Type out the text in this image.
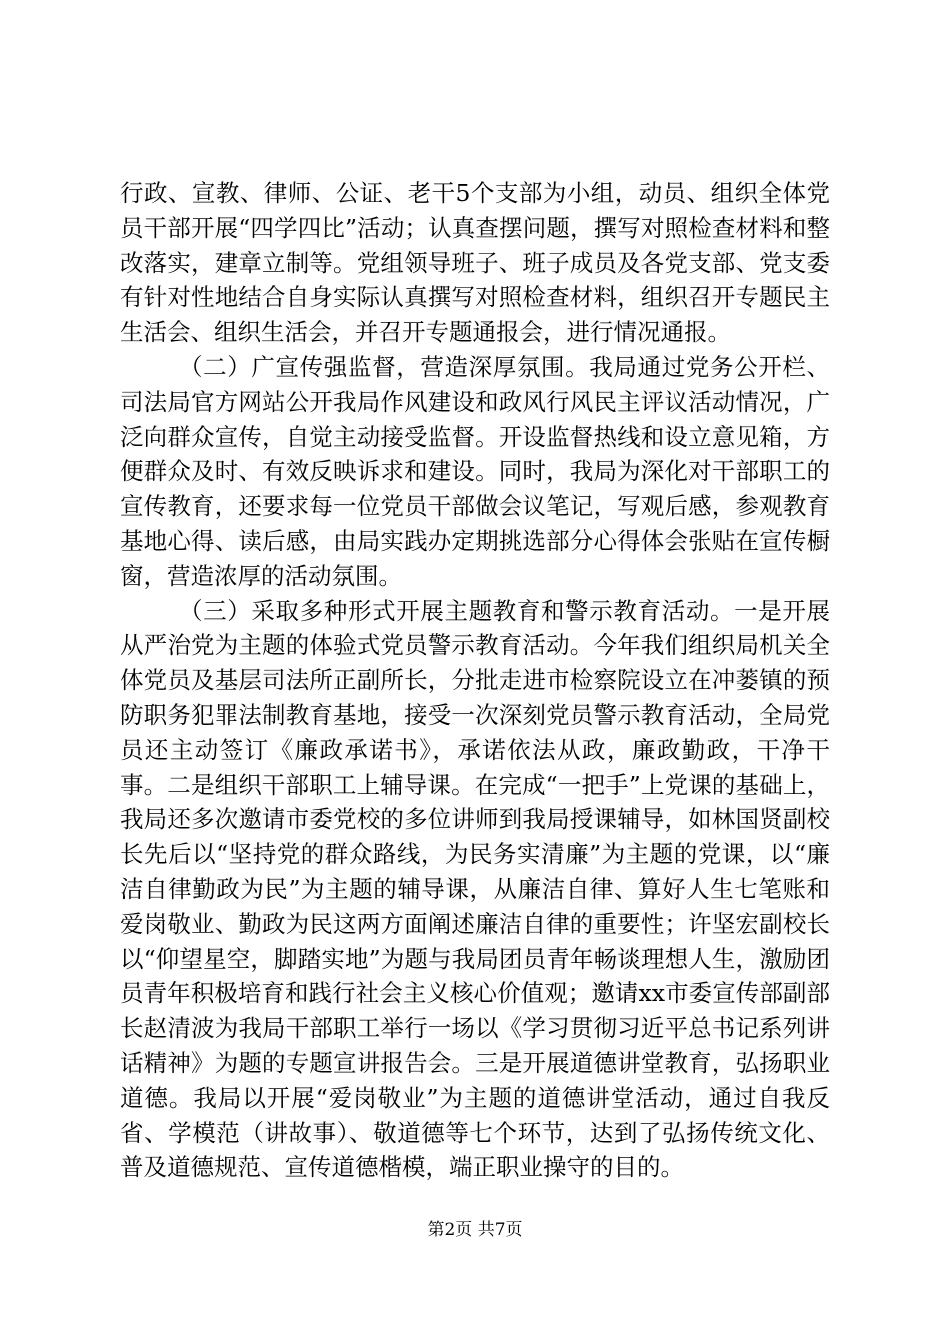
行政、宣教、律师、公证、老干5个支部为小组，动员、组织全体党员干部开展“四学四比”活动；认真查摆问题，撰写对照检查材料和整改落实，建章立制等。党组领导班子、班子成员及各党支部、党支委有针对性地结合自身实际认真撰写对照检查材料，组织召开专题民主生活会、组织生活会，并召开专题通报会，进行情况通报。

（二）广宣传强监督，营造深厚氛围。我局通过党务公开栏、司法局官方网站公开我局作风建设和政风行风民主评议活动情况，广泛向群众宣传，自觉主动接受监督。开设监督热线和设立意见箱，方便群众及时、有效反映诉求和建设。同时，我局为深化对干部职工的宣传教育，还要求每一位党员干部做会议笔记，写观后感，参观教育基地心得、读后感，由局实践办定期挑选部分心得体会张贴在宣传橱窗，营造浓厚的活动氛围。

（三）采取多种形式开展主题教育和警示教育活动。一是开展从严治党为主题的体验式党员警示教育活动。今年我们组织局机关全体党员及基层司法所正副所长，分批走进市检察院设立在冲蒌镇的预防职务犯罪法制教育基地，接受一次深刻党员警示教育活动，全局党员还主动签订《廉政承诺书》，承诺依法从政，廉政勤政，干净干事。二是组织干部职工上辅导课。在完成“一把手”上党课的基础上，我局还多次邀请市委党校的多位讲师到我局授课辅导，如林国贤副校长先后以“坚持党的群众路线，为民务实清廉”为主题的党课，以“廉洁自律勤政为民”为主题的辅导课，从廉洁自律、算好人生七笔账和爱岗敬业、勤政为民这两方面阐述廉洁自律的重要性；许坚宏副校长以“仰望星空，脚踏实地”为题与我局团员青年畅谈理想人生，激励团员青年积极培育和践行社会主义核心价值观；邀请xx市委宣传部副部长赵清波为我局干部职工举行一场以《学习贯彻习近平总书记系列讲话精神》为题的专题宣讲报告会。三是开展道德讲堂教育，弘扬职业道德。我局以开展“爱岗敬业”为主题的道德讲堂活动，通过自我反省、学模范（讲故事）、敬道德等七个环节，达到了弘扬传统文化、普及道德规范、宣传道德楷模，端正职业操守的目的。

第2页 共7页
